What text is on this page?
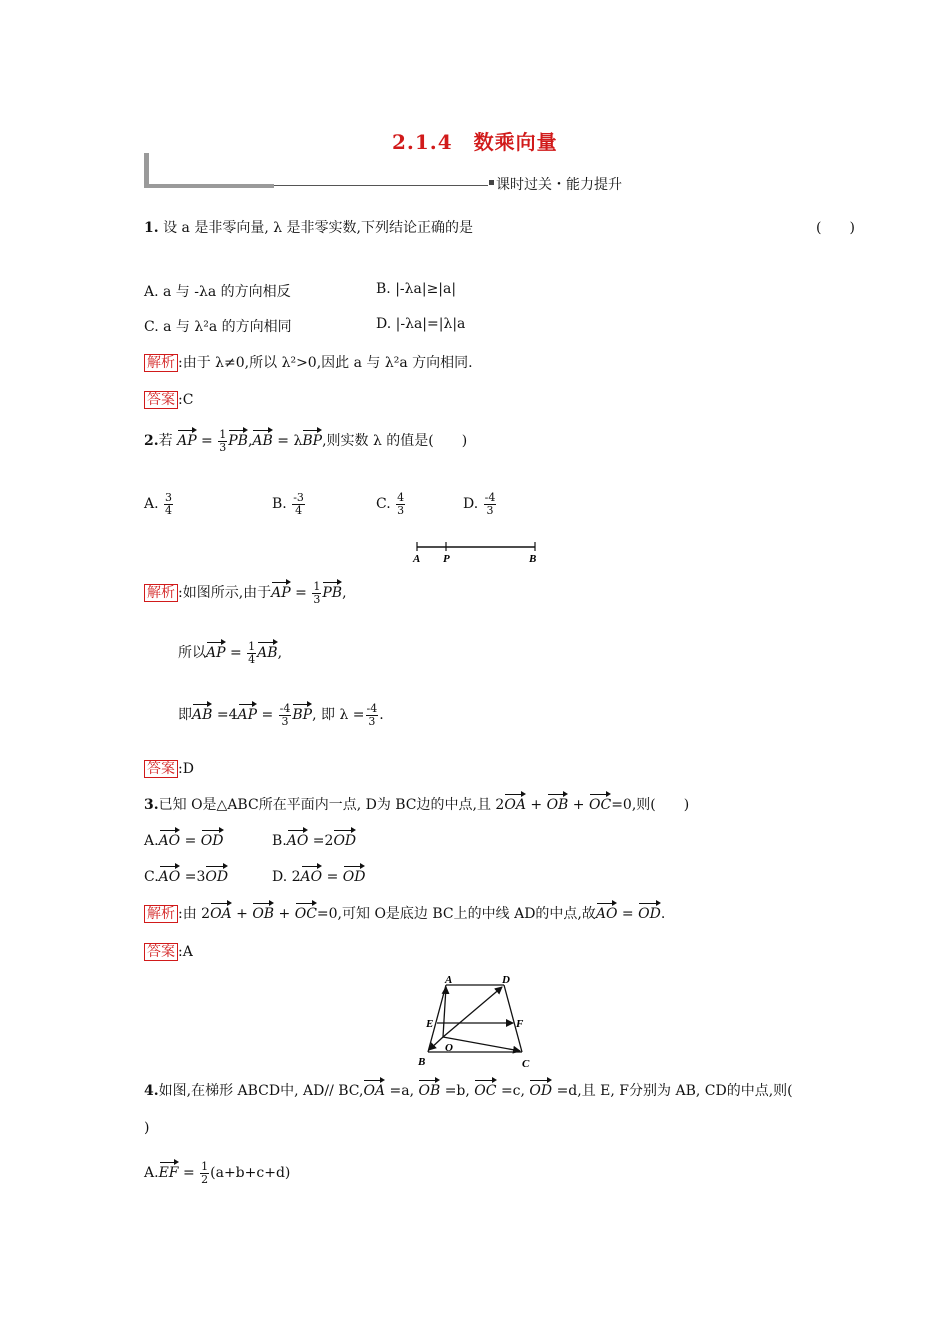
2.1.4　数乘向量
课时过关・能力提升
1. 设 a 是非零向量, λ 是非零实数,下列结论正确的是	(　　)
A. a 与 -λa 的方向相反	B. |-λa|≥|a|
C. a 与 λ²a 的方向相同	D. |-λa|=|λ|a
解析 :由于 λ≠0,所以 λ²>0,因此 a 与 λ²a 方向相同.
答案 :C
2.若 AP = $\frac{1}{3} PB,AB = \lambda BP$,则实数 λ 的值是(　　)
A. $\frac{3}{4}$	B. $\frac{-3}{4}$	C. $\frac{4}{3}$	D. $\frac{-4}{3}$
A P	B
解析 :如图所示,由于AP = $\frac{1}{3}$ PB,
所以AP = $\frac{1}{4}$ AB,
即AB $=4AP = \frac{-4}{3}$ BP, 即 $\lambda = \frac{-4}{3}$ .
答案 :D
3.已知 O是△ABC所在平面内一点, D为 BC边的中点,且 2OA + OB + OC=0,则(　　)
A.AO = OD	B.AO =2OD
C.AO =3OD	D. 2AO = OD
解析 :由 2OA + OB + OC=0,可知 O是底边 BC上的中线 AD的中点,故AO = OD.
答案 :A
A	D
E	F
O
B	C
4.如图,在梯形 ABCD中, AD// BC,OA =a, OB =b, OC =c, OD =d,且 E, F分别为 AB, CD的中点,则(
)
$A.EF = \frac{1}{2} (a+b+c+d)$
